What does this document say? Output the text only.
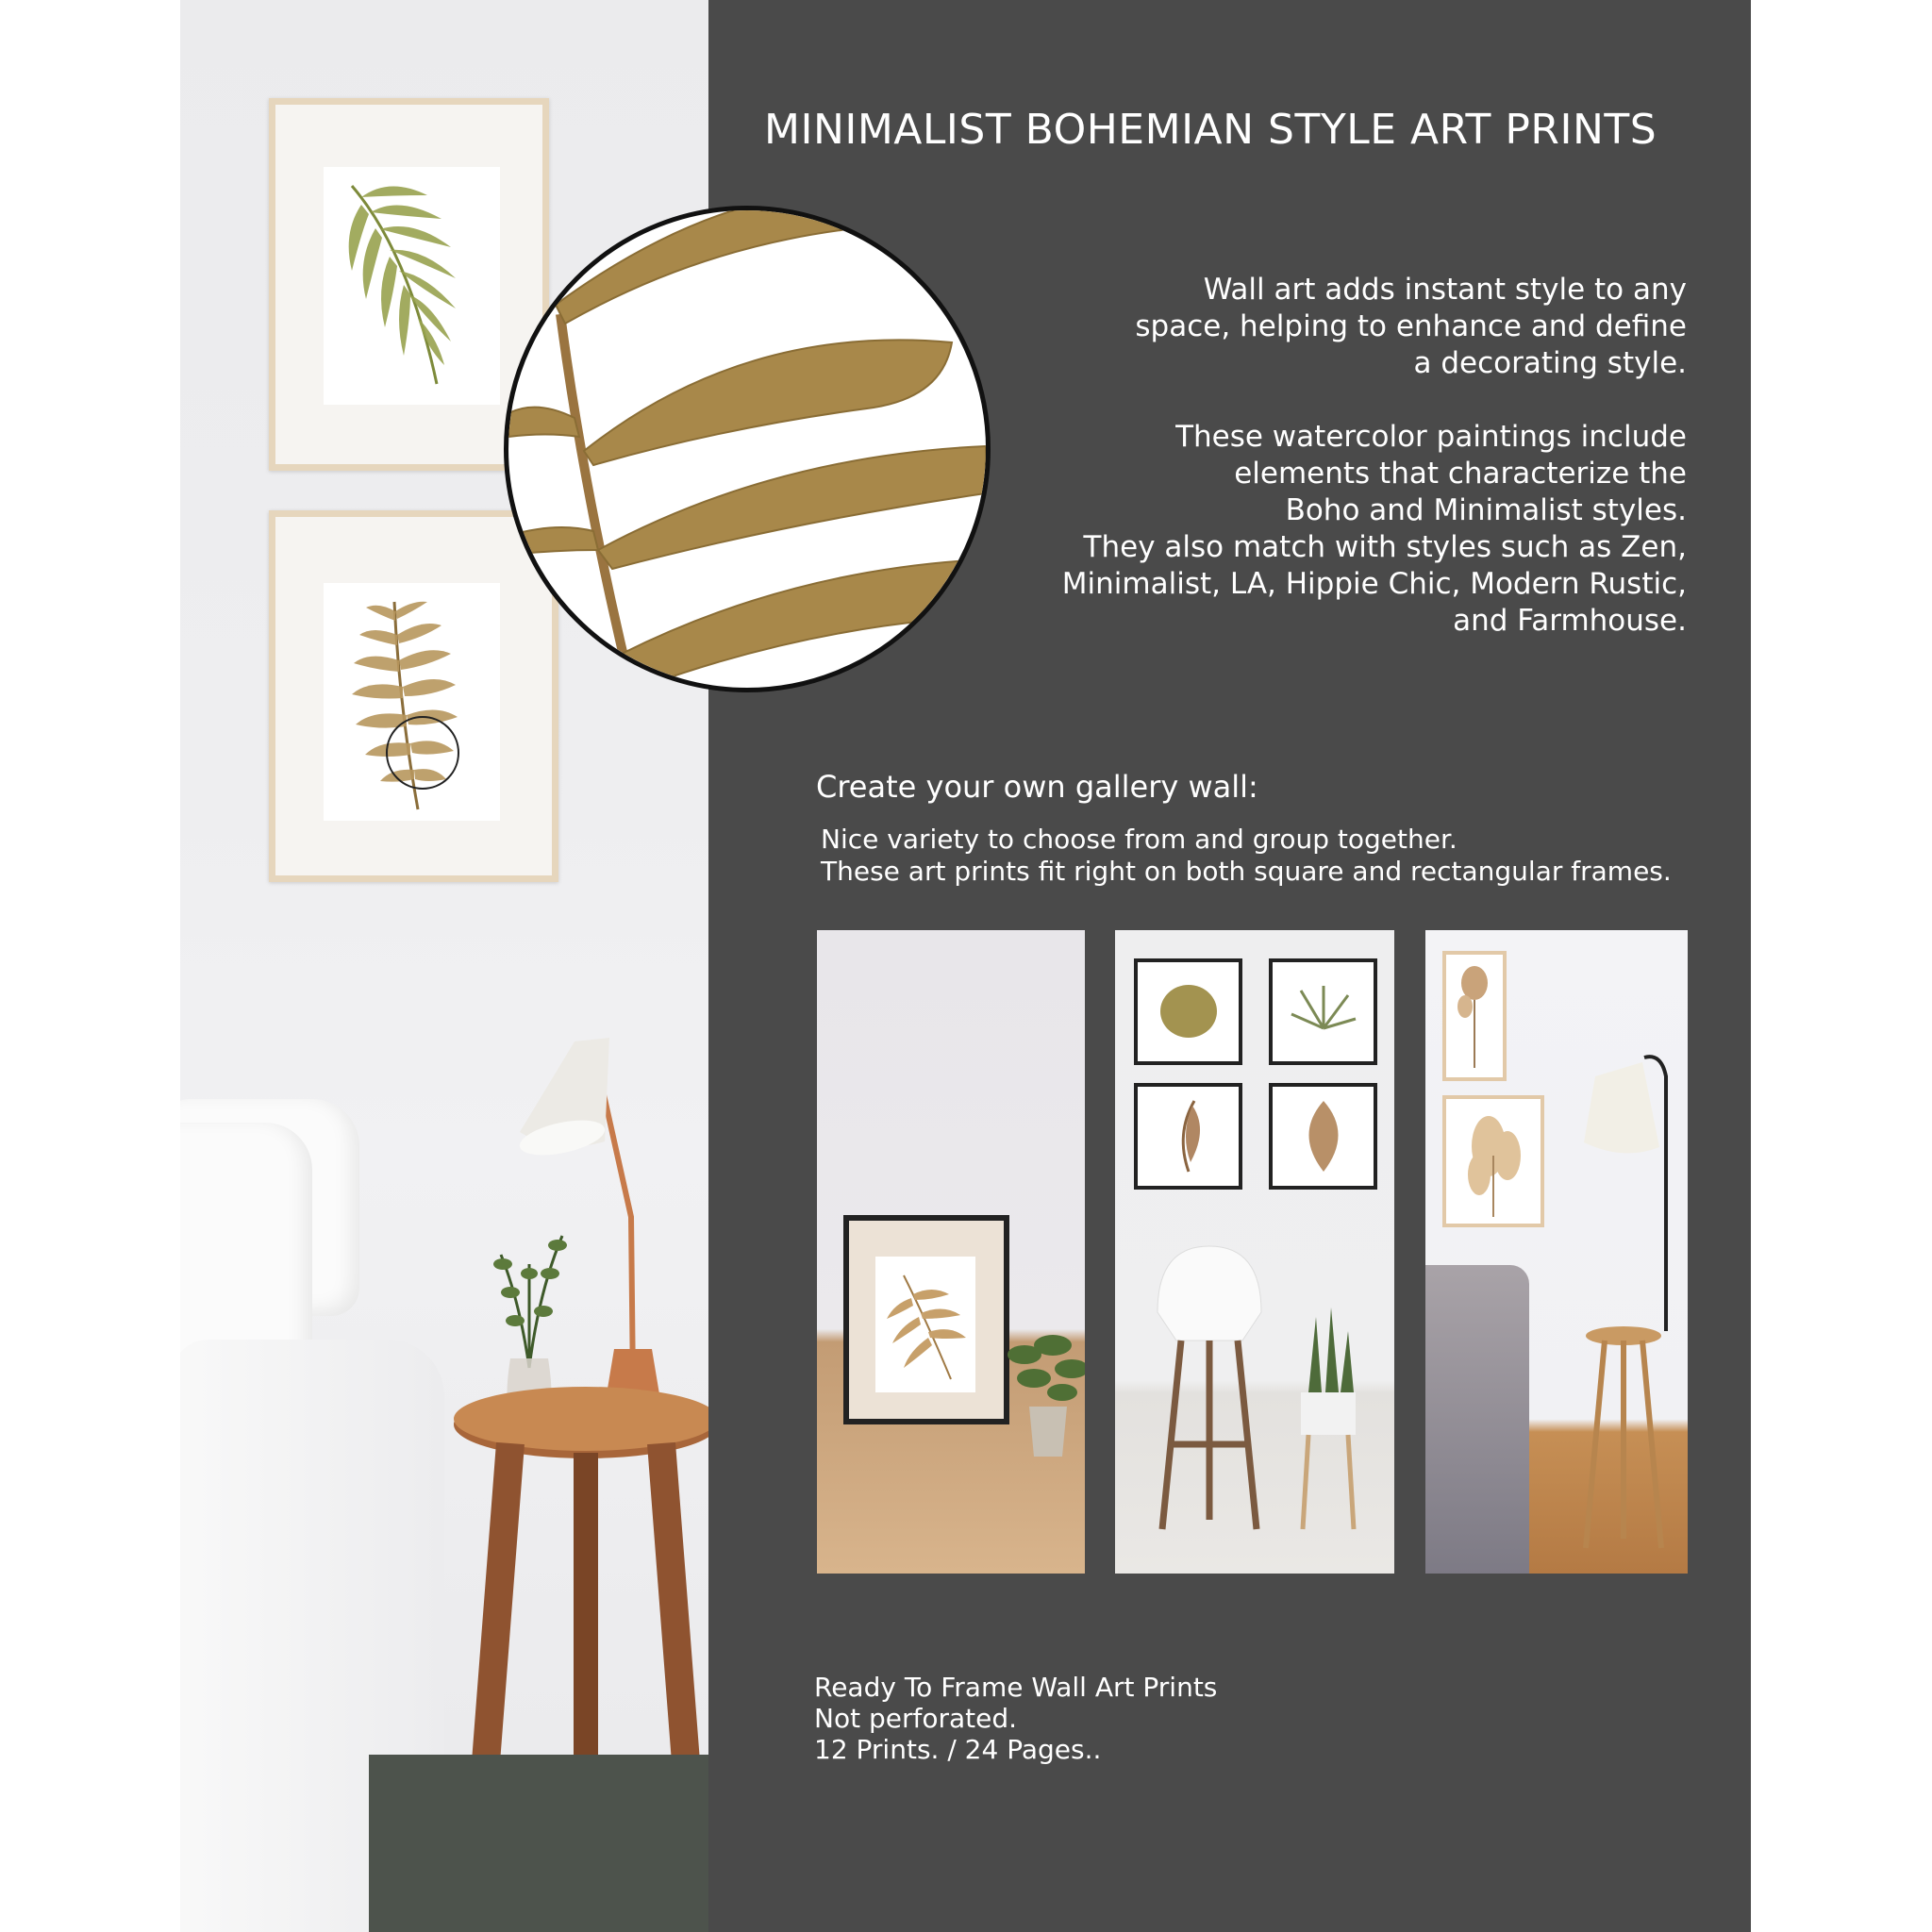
MINIMALIST BOHEMIAN STYLE ART PRINTS
Wall art adds instant style to any
space, helping to enhance and define
a decorating style.
These watercolor paintings include
elements that characterize the
Boho and Minimalist styles.
They also match with styles such as Zen,
Minimalist, LA, Hippie Chic, Modern Rustic,
and Farmhouse.
Create your own gallery wall:
Nice variety to choose from and group together.
These art prints fit right on both square and rectangular frames.
Ready To Frame Wall Art Prints
Not perforated.
12 Prints. / 24 Pages..
